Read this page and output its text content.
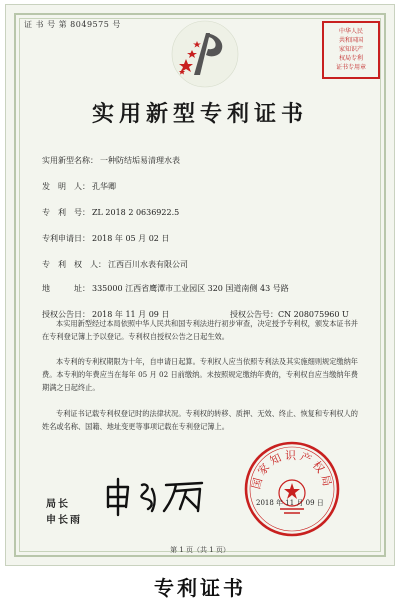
证 书 号 第 8049575 号
中华人民
共和国国
家知识产
权局专利
证书专用章
实用新型专利证书
实用新型名称： 一种防结垢易清理水表
发　明　人： 孔华卿
专　利　号： ZL 2018 2 0636922.5
专利申请日： 2018 年 05 月 02 日
专　利　权　人： 江西百川水表有限公司
地　　　址： 335000 江西省鹰潭市工业园区 320 国道南侧 43 号路
授权公告日： 2018 年 11 月 09 日	授权公告号：CN 208075960 U

本实用新型经过本局依照中华人民共和国专利法进行初步审查，决定授予专利权，颁发本证书并在专利登记簿上予以登记。专利权自授权公告之日起生效。

本专利的专利权期限为十年，自申请日起算。专利权人应当依照专利法及其实施细则规定缴纳年费。本专利的年费应当在每年 05 月 02 日前缴纳。未按照规定缴纳年费的，专利权自应当缴纳年费期满之日起终止。

专利证书记载专利权登记时的法律状况。专利权的转移、质押、无效、终止、恢复和专利权人的姓名或名称、国籍、地址变更等事项记载在专利登记簿上。

局长
申长雨
国家知识产权局
2018 年 11 月 09 日
第 1 页（共 1 页）
专利证书
